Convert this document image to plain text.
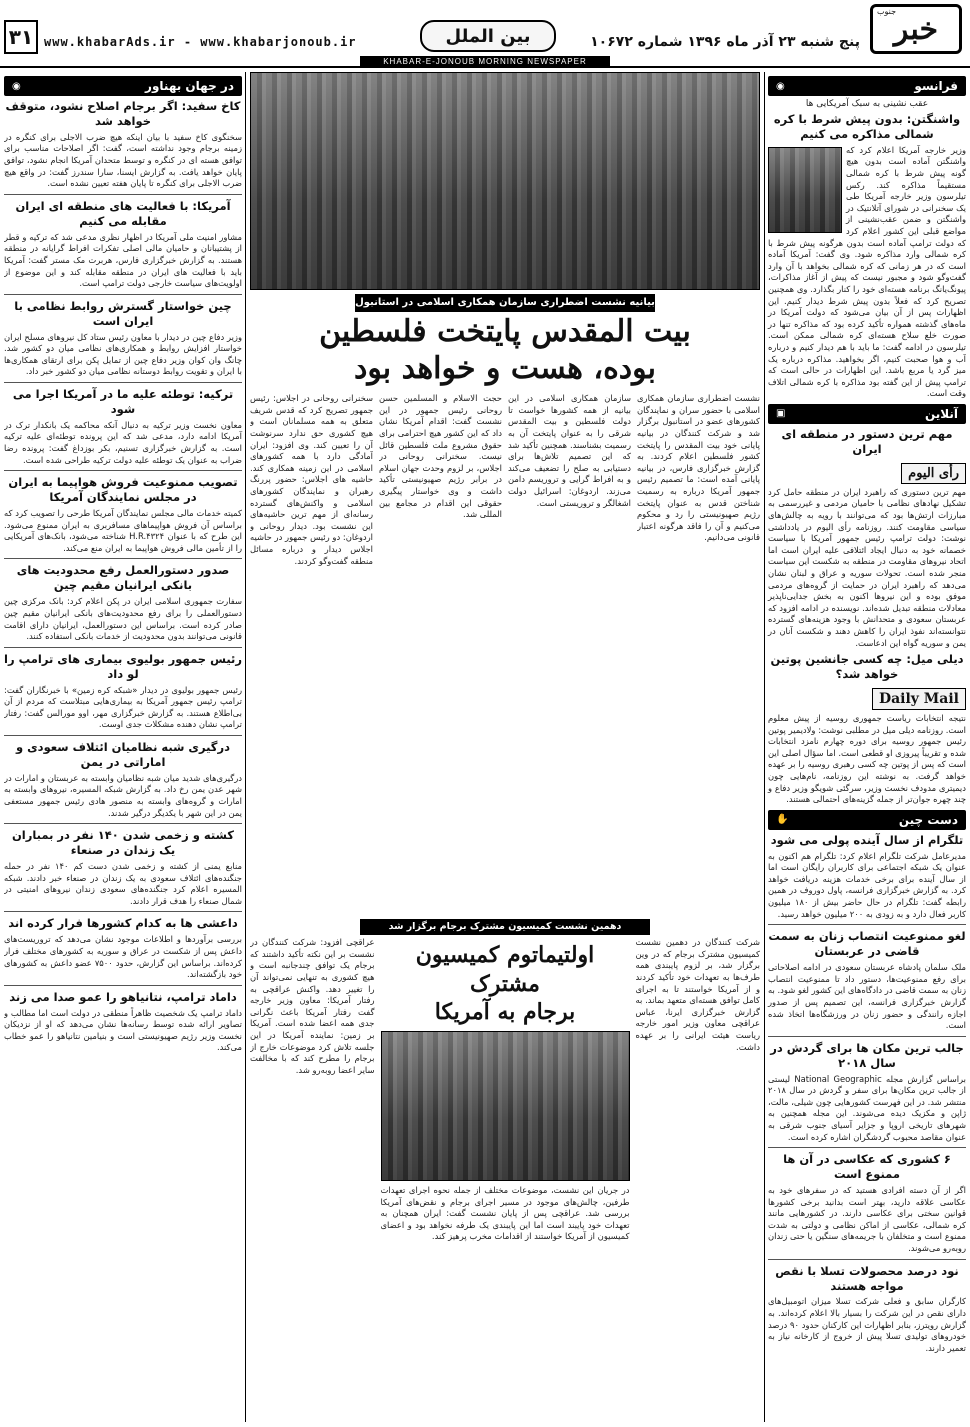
جنوب
خبر
پنج شنبه ۲۳ آذر ماه ۱۳۹۶ شماره ۱۰۶۷۲
بین الملل
www.khabarAds.ir - www.khabarjonoub.ir
۳۱
KHABAR-E-JONOUB MORNING NEWSPAPER
فرانسو
◉
عقب نشینی به سبک آمریکایی ها
واشنگتن: بدون پیش شرط با کره شمالی مذاکره می کنیم
وزیر خارجه آمریکا اعلام کرد که واشنگتن آماده است بدون هیچ گونه پیش شرط با کره شمالی مستقیماً مذاکره کند. رکس تیلرسون وزیر خارجه آمریکا طی یک سخنرانی در شورای آتلانتیک در واشنگتن و ضمن عقب‌نشینی از مواضع قبلی این کشور اعلام کرد که دولت ترامپ آماده است بدون هرگونه پیش شرط با کره شمالی وارد مذاکره شود. وی گفت: آمریکا آماده است که در هر زمانی که کره شمالی بخواهد با آن وارد گفت‌وگو شود و مجبور نیست که پیش از آغاز مذاکرات، پیونگ‌یانگ برنامه هسته‌ای خود را کنار بگذارد. وی همچنین تصریح کرد که فعلاً بدون پیش شرط دیدار کنیم. این اظهارات پس از آن بیان می‌شود که دولت آمریکا در ماه‌های گذشته همواره تأکید کرده بود که مذاکره تنها در صورت خلع سلاح هسته‌ای کره شمالی ممکن است. تیلرسون در ادامه گفت: ما باید با هم دیدار کنیم و درباره آب و هوا صحبت کنیم، اگر بخواهید. مذاکره درباره یک میز گرد یا مربع باشد. این اظهارات در حالی است که ترامپ پیش از این گفته بود مذاکره با کره شمالی اتلاف وقت است.
آنلاین
▣
مهم ترین دستور در منطقه ای ایران
رأی الیوم
مهم ترین دستوری که راهبرد ایران در منطقه حامل کرد تشکیل نهادهای نظامی با حامیان مردمی و غیررسمی به مبارزات ارتش‌ها بود که می‌توانند با رویه به چالش‌های سیاسی مقاومت کنند. روزنامه رأی الیوم در یادداشتی نوشت: دولت ترامپ رئیس جمهور آمریکا با سیاست خصمانه خود به دنبال ایجاد ائتلافی علیه ایران است اما اتحاد نیروهای مقاومت در منطقه به شکست این سیاست منجر شده است. تحولات سوریه و عراق و لبنان نشان می‌دهد که راهبرد ایران در حمایت از گروه‌های مردمی موفق بوده و این نیروها اکنون به بخش جدایی‌ناپذیر معادلات منطقه تبدیل شده‌اند. نویسنده در ادامه افزود که عربستان سعودی و متحدانش با وجود هزینه‌های گسترده نتوانسته‌اند نفوذ ایران را کاهش دهند و شکست آنان در یمن و سوریه گواه این ادعاست.
دیلی میل: چه کسی جانشین پوتین خواهد شد؟
Daily Mail
نتیجه انتخابات ریاست جمهوری روسیه از پیش معلوم است. روزنامه دیلی میل در مطلبی نوشت: ولادیمیر پوتین رئیس جمهور روسیه برای دوره چهارم نامزد انتخابات شده و تقریباً پیروزی او قطعی است. اما سؤال اصلی این است که پس از پوتین چه کسی رهبری روسیه را بر عهده خواهد گرفت. به نوشته این روزنامه، نام‌هایی چون دیمیتری مدودف نخست وزیر، سرگئی شویگو وزیر دفاع و چند چهره جوان‌تر از جمله گزینه‌های احتمالی هستند.
دست چین
✋
تلگرام از سال آینده پولی می شود
مدیرعامل شرکت تلگرام اعلام کرد: تلگرام هم اکنون به عنوان یک شبکه اجتماعی برای کاربران رایگان است اما از سال آینده برای برخی خدمات هزینه دریافت خواهد کرد. به گزارش خبرگزاری فرانسه، پاول دوروف در همین رابطه گفت: تلگرام در حال حاضر بیش از ۱۸۰ میلیون کاربر فعال دارد و به زودی به ۲۰۰ میلیون خواهد رسید.
لغو ممنوعیت انتصاب زنان به سمت قاضی در عربستان
ملک سلمان پادشاه عربستان سعودی در ادامه اصلاحاتی برای رفع ممنوعیت‌ها، دستور داد تا ممنوعیت انتصاب زنان به سمت قاضی در دادگاه‌های این کشور لغو شود. به گزارش خبرگزاری فرانسه، این تصمیم پس از صدور اجازه رانندگی و حضور زنان در ورزشگاه‌ها اتخاذ شده است.
جالب ترین مکان ها برای گردش در سال ۲۰۱۸
براساس گزارش مجله National Geographic لیستی از جالب ترین مکان‌ها برای سفر و گردش در سال ۲۰۱۸ منتشر شد. در این فهرست کشورهایی چون شیلی، مالت، ژاپن و مکزیک دیده می‌شوند. این مجله همچنین به شهرهای تاریخی اروپا و جزایر آسیای جنوب شرقی به عنوان مقاصد محبوب گردشگران اشاره کرده است.
۶ کشوری که عکاسی در آن ها ممنوع است
اگر از آن دسته افرادی هستید که در سفرهای خود به عکاسی علاقه دارید، بهتر است بدانید برخی کشورها قوانین سختی برای عکاسی دارند. در کشورهایی مانند کره شمالی، عکاسی از اماکن نظامی و دولتی به شدت ممنوع است و متخلفان با جریمه‌های سنگین یا حتی زندان روبه‌رو می‌شوند.
نود درصد محصولات تسلا با نقص مواجه هستند
کارگران سابق و فعلی شرکت تسلا میزان اتومبیل‌های دارای نقص در این شرکت را بسیار بالا اعلام کرده‌اند. به گزارش رویترز، بنابر اظهارات این کارکنان حدود ۹۰ درصد خودروهای تولیدی تسلا پیش از خروج از کارخانه نیاز به تعمیر دارند.
بیانیه نشست اضطراری سازمان همکاری اسلامی در استانبول
بیت المقدس پایتخت فلسطین
بوده، هست و خواهد بود
نشست اضطراری سازمان همکاری اسلامی با حضور سران و نمایندگان کشورهای عضو در استانبول برگزار شد و شرکت کنندگان در بیانیه پایانی خود بیت المقدس را پایتخت کشور فلسطین اعلام کردند. به گزارش خبرگزاری فارس، در بیانیه پایانی آمده است: ما تصمیم رئیس جمهور آمریکا درباره به رسمیت شناختن قدس به عنوان پایتخت رژیم صهیونیستی را رد و محکوم می‌کنیم و آن را فاقد هرگونه اعتبار قانونی می‌دانیم.
سازمان همکاری اسلامی در این بیانیه از همه کشورها خواست تا دولت فلسطین و بیت المقدس شرقی را به عنوان پایتخت آن به رسمیت بشناسند. همچنین تأکید شد که این تصمیم تلاش‌ها برای دستیابی به صلح را تضعیف می‌کند و به افراط گرایی و تروریسم دامن می‌زند. اردوغان: اسرائیل دولت اشغالگر و تروریستی است.
حجت الاسلام و المسلمین حسن روحانی رئیس جمهور در این نشست گفت: اقدام آمریکا نشان داد که این کشور هیچ احترامی برای حقوق مشروع ملت فلسطین قائل نیست. سخنرانی روحانی در اجلاس، بر لزوم وحدت جهان اسلام در برابر رژیم صهیونیستی تأکید داشت و وی خواستار پیگیری حقوقی این اقدام در مجامع بین المللی شد.
سخنرانی روحانی در اجلاس: رئیس جمهور تصریح کرد که قدس شریف متعلق به همه مسلمانان است و هیچ کشوری حق ندارد سرنوشت آن را تعیین کند. وی افزود: ایران آمادگی دارد با همه کشورهای اسلامی در این زمینه همکاری کند. حاشیه های اجلاس: حضور پررنگ رهبران و نمایندگان کشورهای اسلامی و واکنش‌های گسترده رسانه‌ای از مهم ترین حاشیه‌های این نشست بود. دیدار روحانی و اردوغان: دو رئیس جمهور در حاشیه اجلاس دیدار و درباره مسائل منطقه گفت‌وگو کردند.
دهمین نشست کمیسیون مشترک برجام برگزار شد
شرکت کنندگان در دهمین نشست کمیسیون مشترک برجام که در وین برگزار شد، بر لزوم پایبندی همه طرف‌ها به تعهدات خود تأکید کردند و از آمریکا خواستند تا به اجرای کامل توافق هسته‌ای متعهد بماند. به گزارش خبرگزاری ایرنا، عباس عراقچی معاون وزیر امور خارجه ریاست هیئت ایرانی را بر عهده داشت.
اولتیماتوم کمیسیون مشترک
برجام به آمریکا
در جریان این نشست، موضوعات مختلف از جمله نحوه اجرای تعهدات طرفین، چالش‌های موجود در مسیر اجرای برجام و نقض‌های آمریکا بررسی شد. عراقچی پس از پایان نشست گفت: ایران همچنان به تعهدات خود پایبند است اما این پایبندی یک طرفه نخواهد بود و اعضای کمیسیون از آمریکا خواستند از اقدامات مخرب پرهیز کند.
عراقچی افزود: شرکت کنندگان در نشست بر این نکته تأکید داشتند که برجام یک توافق چندجانبه است و هیچ کشوری به تنهایی نمی‌تواند آن را تغییر دهد. واکنش عراقچی به رفتار آمریکا: معاون وزیر خارجه گفت رفتار آمریکا باعث نگرانی جدی همه اعضا شده است. آمریکا بر زمین: نماینده آمریکا در این جلسه تلاش کرد موضوعات خارج از برجام را مطرح کند که با مخالفت سایر اعضا روبه‌رو شد.
در جهان بهناور
◉
کاخ سفید: اگر برجام اصلاح نشود، متوقف خواهد شد
سخنگوی کاخ سفید با بیان اینکه هیچ ضرب الاجلی برای کنگره در زمینه برجام وجود نداشته است، گفت: اگر اصلاحات مناسب برای توافق هسته ای در کنگره و توسط متحدان آمریکا انجام نشود، توافق پایان خواهد یافت. به گزارش ایسنا، سارا سندرز گفت: در واقع هیچ ضرب الاجلی برای کنگره تا پایان هفته تعیین نشده است.
آمریکا: با فعالیت های منطقه ای ایران مقابله می کنیم
مشاور امنیت ملی آمریکا در اظهار نظری مدعی شد که ترکیه و قطر از پشتیبانان و حامیان مالی اصلی تفکرات افراط گرایانه در منطقه هستند. به گزارش خبرگزاری فارس، هربرت مک مستر گفت: آمریکا باید با فعالیت های ایران در منطقه مقابله کند و این موضوع از اولویت‌های سیاست خارجی دولت ترامپ است.
چین خواستار گسترش روابط نظامی با ایران است
وزیر دفاع چین در دیدار با معاون رئیس ستاد کل نیروهای مسلح ایران خواستار افزایش روابط و همکاری‌های نظامی میان دو کشور شد. چانگ وان کوان وزیر دفاع چین از تمایل پکن برای ارتقای همکاری‌ها با ایران و تقویت روابط دوستانه نظامی میان دو کشور خبر داد.
ترکیه: توطئه علیه ما در آمریکا اجرا می شود
معاون نخست وزیر ترکیه به دنبال آنکه محاکمه یک بانکدار ترک در آمریکا ادامه دارد، مدعی شد که این پرونده توطئه‌ای علیه ترکیه است. به گزارش خبرگزاری تسنیم، بکر بوزداغ گفت: پرونده رضا ضراب به عنوان یک توطئه علیه دولت ترکیه طراحی شده است.
تصویب ممنوعیت فروش هواپیما به ایران در مجلس نمایندگان آمریکا
کمیته خدمات مالی مجلس نمایندگان آمریکا طرحی را تصویب کرد که براساس آن فروش هواپیماهای مسافربری به ایران ممنوع می‌شود. این طرح که با عنوان H.R.۴۳۲۴ شناخته می‌شود، بانک‌های آمریکایی را از تأمین مالی فروش هواپیما به ایران منع می‌کند.
صدور دستورالعمل رفع محدودیت های بانکی ایرانیان مقیم چین
سفارت جمهوری اسلامی ایران در پکن اعلام کرد: بانک مرکزی چین دستورالعملی را برای رفع محدودیت‌های بانکی ایرانیان مقیم چین صادر کرده است. براساس این دستورالعمل، ایرانیان دارای اقامت قانونی می‌توانند بدون محدودیت از خدمات بانکی استفاده کنند.
رئیس جمهور بولیوی بیماری های ترامپ را لو داد
رئیس جمهور بولیوی در دیدار «شبکه کره زمین» با خبرنگاران گفت: ترامپ رئیس جمهور آمریکا به بیماری‌هایی مبتلاست که مردم از آن بی‌اطلاع هستند. به گزارش خبرگزاری مهر، اوو مورالس گفت: رفتار ترامپ نشان دهنده مشکلات جدی اوست.
درگیری شبه نظامیان ائتلاف سعودی و اماراتی در یمن
درگیری‌های شدید میان شبه نظامیان وابسته به عربستان و امارات در شهر عدن یمن رخ داد. به گزارش شبکه المسیره، نیروهای وابسته به امارات و گروه‌های وابسته به منصور هادی رئیس جمهور مستعفی یمن در این شهر با یکدیگر درگیر شدند.
کشته و زخمی شدن ۱۴۰ نفر در بمباران یک زندان در صنعاء
منابع یمنی از کشته و زخمی شدن دست کم ۱۴۰ نفر در حمله جنگنده‌های ائتلاف سعودی به یک زندان در صنعاء خبر دادند. شبکه المسیره اعلام کرد جنگنده‌های سعودی زندان نیروهای امنیتی در شمال صنعاء را هدف قرار دادند.
داعشی ها به کدام کشورها فرار کرده اند
بررسی برآوردها و اطلاعات موجود نشان می‌دهد که تروریست‌های داعش پس از شکست در عراق و سوریه به کشورهای مختلف فرار کرده‌اند. براساس این گزارش، حدود ۷۵۰۰ عضو داعش به کشورهای خود بازگشته‌اند.
داماد ترامپ، نتانیاهو را عمو صدا می زند
داماد ترامپ یک شخصیت ظاهراً منطقی در دولت است اما مطالب و تصاویر ارائه شده توسط رسانه‌ها نشان می‌دهد که او از نزدیکان نخست وزیر رژیم صهیونیستی است و بنیامین نتانیاهو را عمو خطاب می‌کند.
